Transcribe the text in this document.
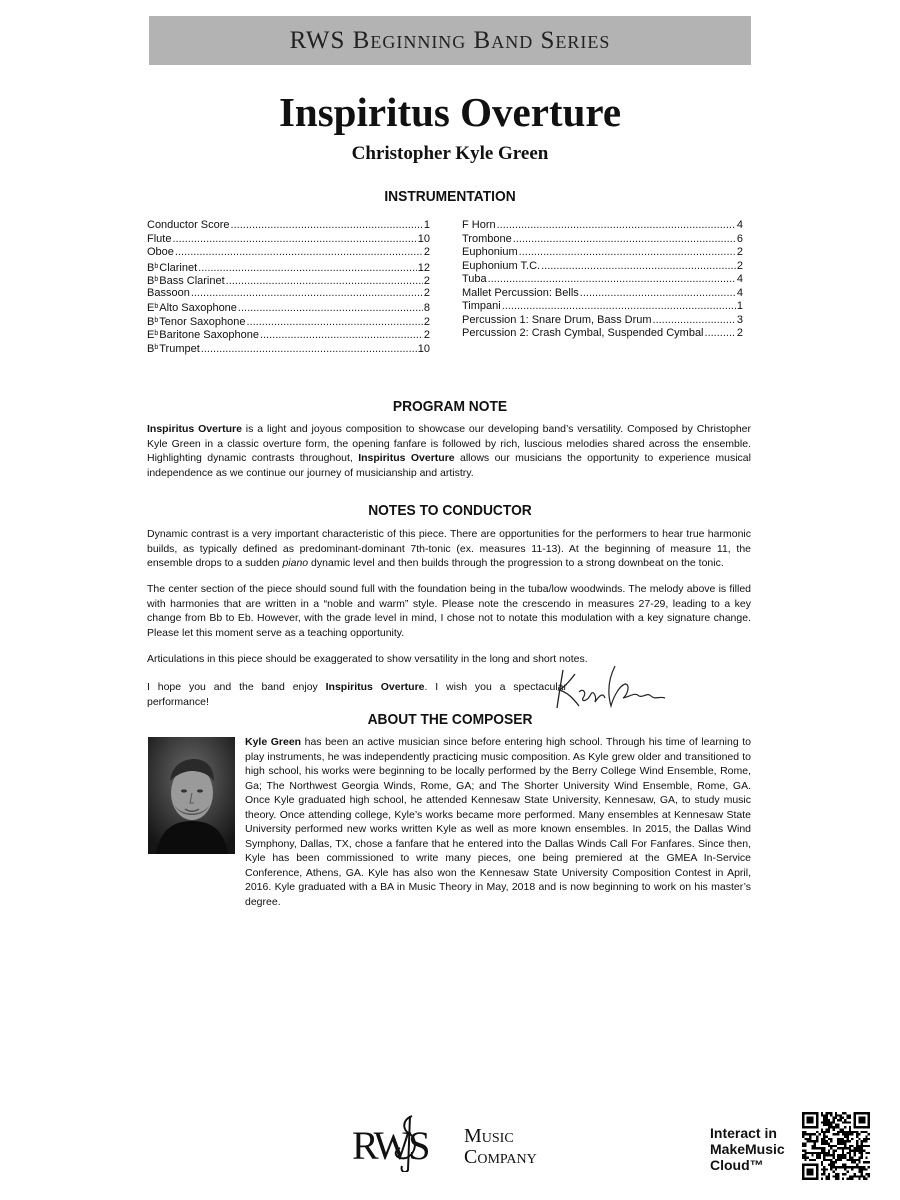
RWS Beginning Band Series
Inspiritus Overture
Christopher Kyle Green
INSTRUMENTATION
Conductor Score .....	1
Flute .....	10
Oboe .....	2
$B^bClarinet$ .....	12
$B^bBass$ Clarinet .....	2
Bassoon .....	2
$E^bAlto$ Saxophone .....	8
$B^bTenor$ Saxophone .....	2
$E^bBaritone$ Saxophone .....	2
$B^bTrumpet$ .....	10
F Horn .....	4
Trombone .....	6
Euphonium .....	2
Euphonium T.C. .....	2
Tuba .....	4
Mallet Percussion: Bells .....	4
Timpani .....	1
Percussion 1: Snare Drum, Bass Drum .....	3
Percussion 2: Crash Cymbal, Suspended Cymbal .....	2
PROGRAM NOTE

Inspiritus Overture is a light and joyous composition to showcase our developing band’s versatility. Composed by Christopher Kyle Green in a classic overture form, the opening fanfare is followed by rich, luscious melodies shared across the ensemble. Highlighting dynamic contrasts throughout, Inspiritus Overture allows our musicians the opportunity to experience musical independence as we continue our journey of musicianship and artistry.

NOTES TO CONDUCTOR

Dynamic contrast is a very important characteristic of this piece. There are opportunities for the performers to hear true harmonic builds, as typically defined as predominant-dominant 7th-tonic (ex. measures 11-13). At the beginning of measure 11, the ensemble drops to a sudden piano dynamic level and then builds through the progression to a strong downbeat on the tonic.

The center section of the piece should sound full with the foundation being in the tuba/low woodwinds. The melody above is filled with harmonies that are written in a “noble and warm” style. Please note the crescendo in measures 27-29, leading to a key change from Bb to Eb. However, with the grade level in mind, I chose not to notate this modulation with a key signature change. Please let this moment serve as a teaching opportunity.

Articulations in this piece should be exaggerated to show versatility in the long and short notes.

I hope you and the band enjoy Inspiritus Overture. I wish you a spectacular performance!

ABOUT THE COMPOSER

Kyle Green has been an active musician since before entering high school. Through his time of learning to play instruments, he was independently practicing music composition. As Kyle grew older and transitioned to high school, his works were beginning to be locally performed by the Berry College Wind Ensemble, Rome, Ga; The Northwest Georgia Winds, Rome, GA; and The Shorter University Wind Ensemble, Rome, GA. Once Kyle graduated high school, he attended Kennesaw State University, Kennesaw, GA, to study music theory. Once attending college, Kyle’s works became more performed. Many ensembles at Kennesaw State University performed new works written Kyle as well as more known ensembles. In 2015, the Dallas Wind Symphony, Dallas, TX, chose a fanfare that he entered into the Dallas Winds Call For Fanfares. Since then, Kyle has been commissioned to write many pieces, one being premiered at the GMEA In-Service Conference, Athens, GA. Kyle has also won the Kennesaw State University Composition Contest in April, 2016. Kyle graduated with a BA in Music Theory in May, 2018 and is now beginning to work on his master’s degree.

RWS Music
Company
Interact in
MakeMusic
Cloud™
